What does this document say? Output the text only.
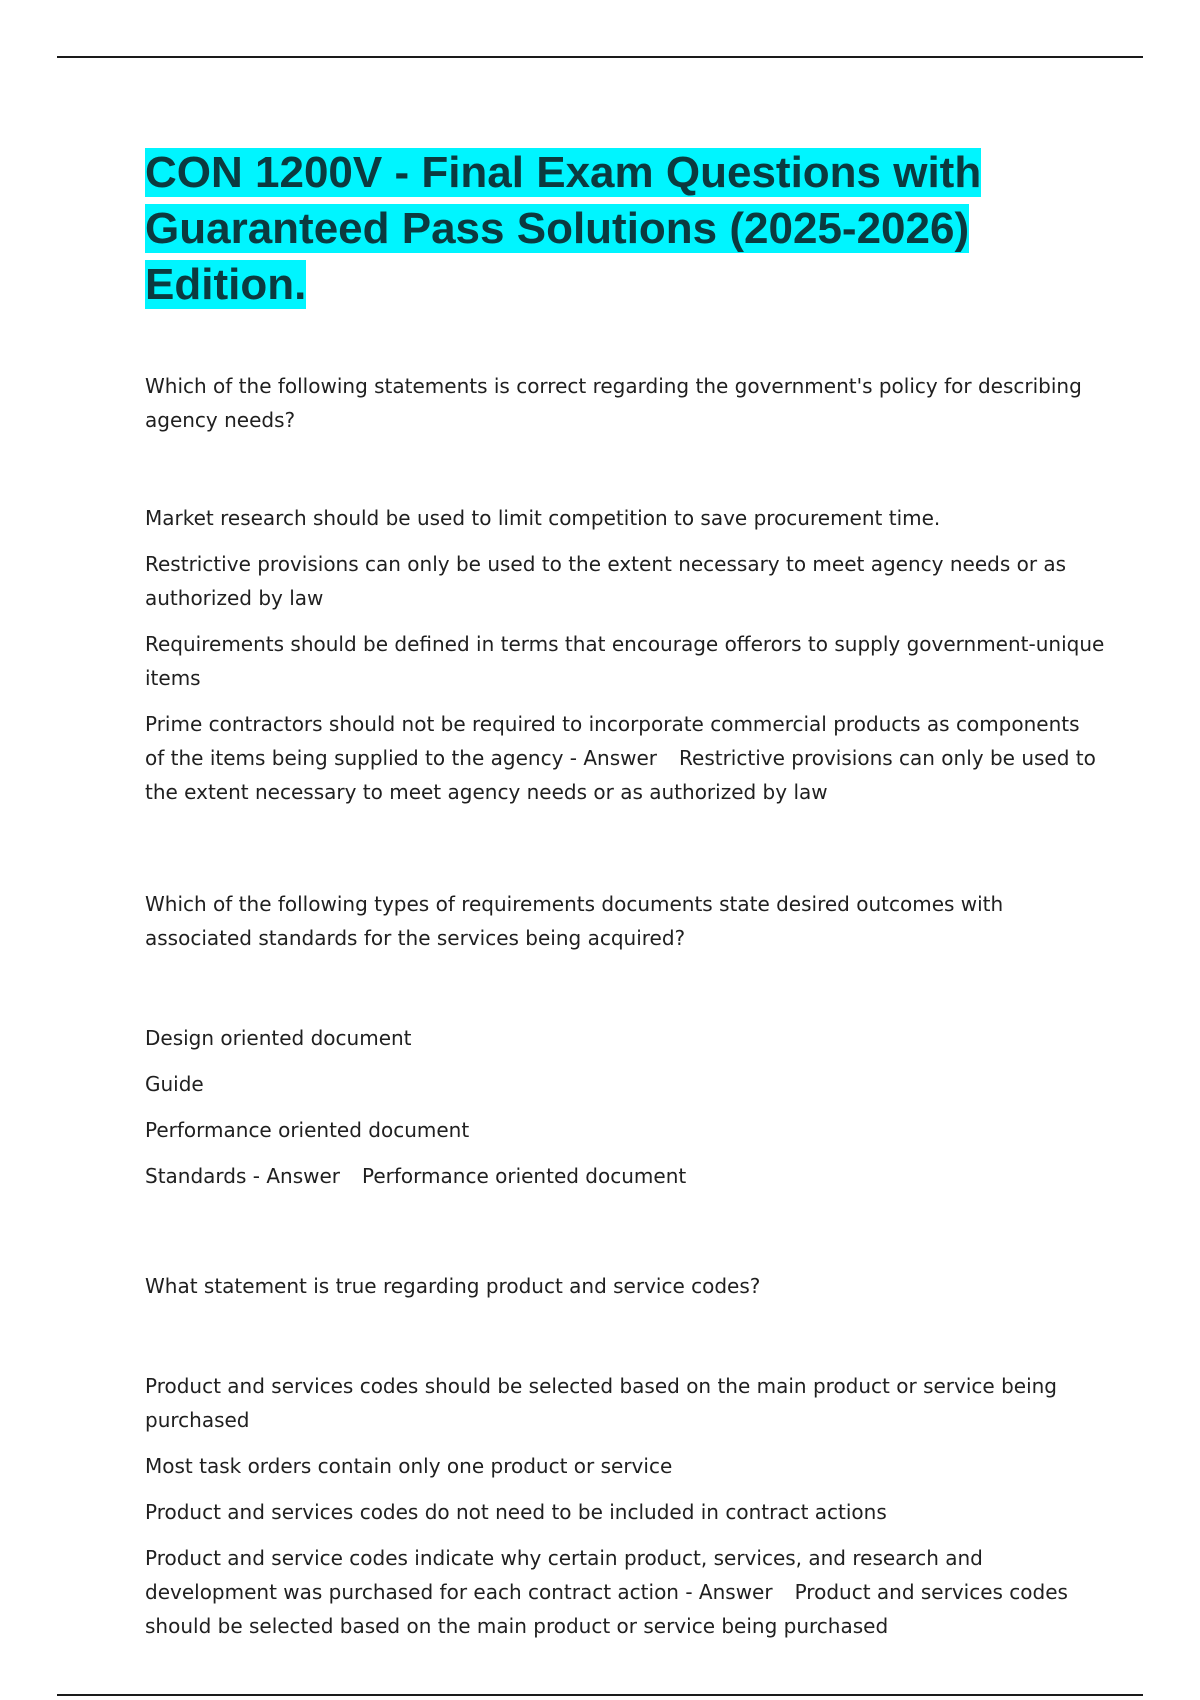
CON 1200V - Final Exam Questions with Guaranteed Pass Solutions (2025-2026) Edition.

Which of the following statements is correct regarding the government's policy for describing agency needs?

Market research should be used to limit competition to save procurement time.

Restrictive provisions can only be used to the extent necessary to meet agency needs or as authorized by law

Requirements should be defined in terms that encourage offerors to supply government-unique items

Prime contractors should not be required to incorporate commercial products as components of the items being supplied to the agency - Answer Restrictive provisions can only be used to the extent necessary to meet agency needs or as authorized by law

Which of the following types of requirements documents state desired outcomes with associated standards for the services being acquired?

Design oriented document

Guide

Performance oriented document

Standards - Answer Performance oriented document

What statement is true regarding product and service codes?

Product and services codes should be selected based on the main product or service being purchased

Most task orders contain only one product or service

Product and services codes do not need to be included in contract actions

Product and service codes indicate why certain product, services, and research and development was purchased for each contract action - Answer Product and services codes should be selected based on the main product or service being purchased
